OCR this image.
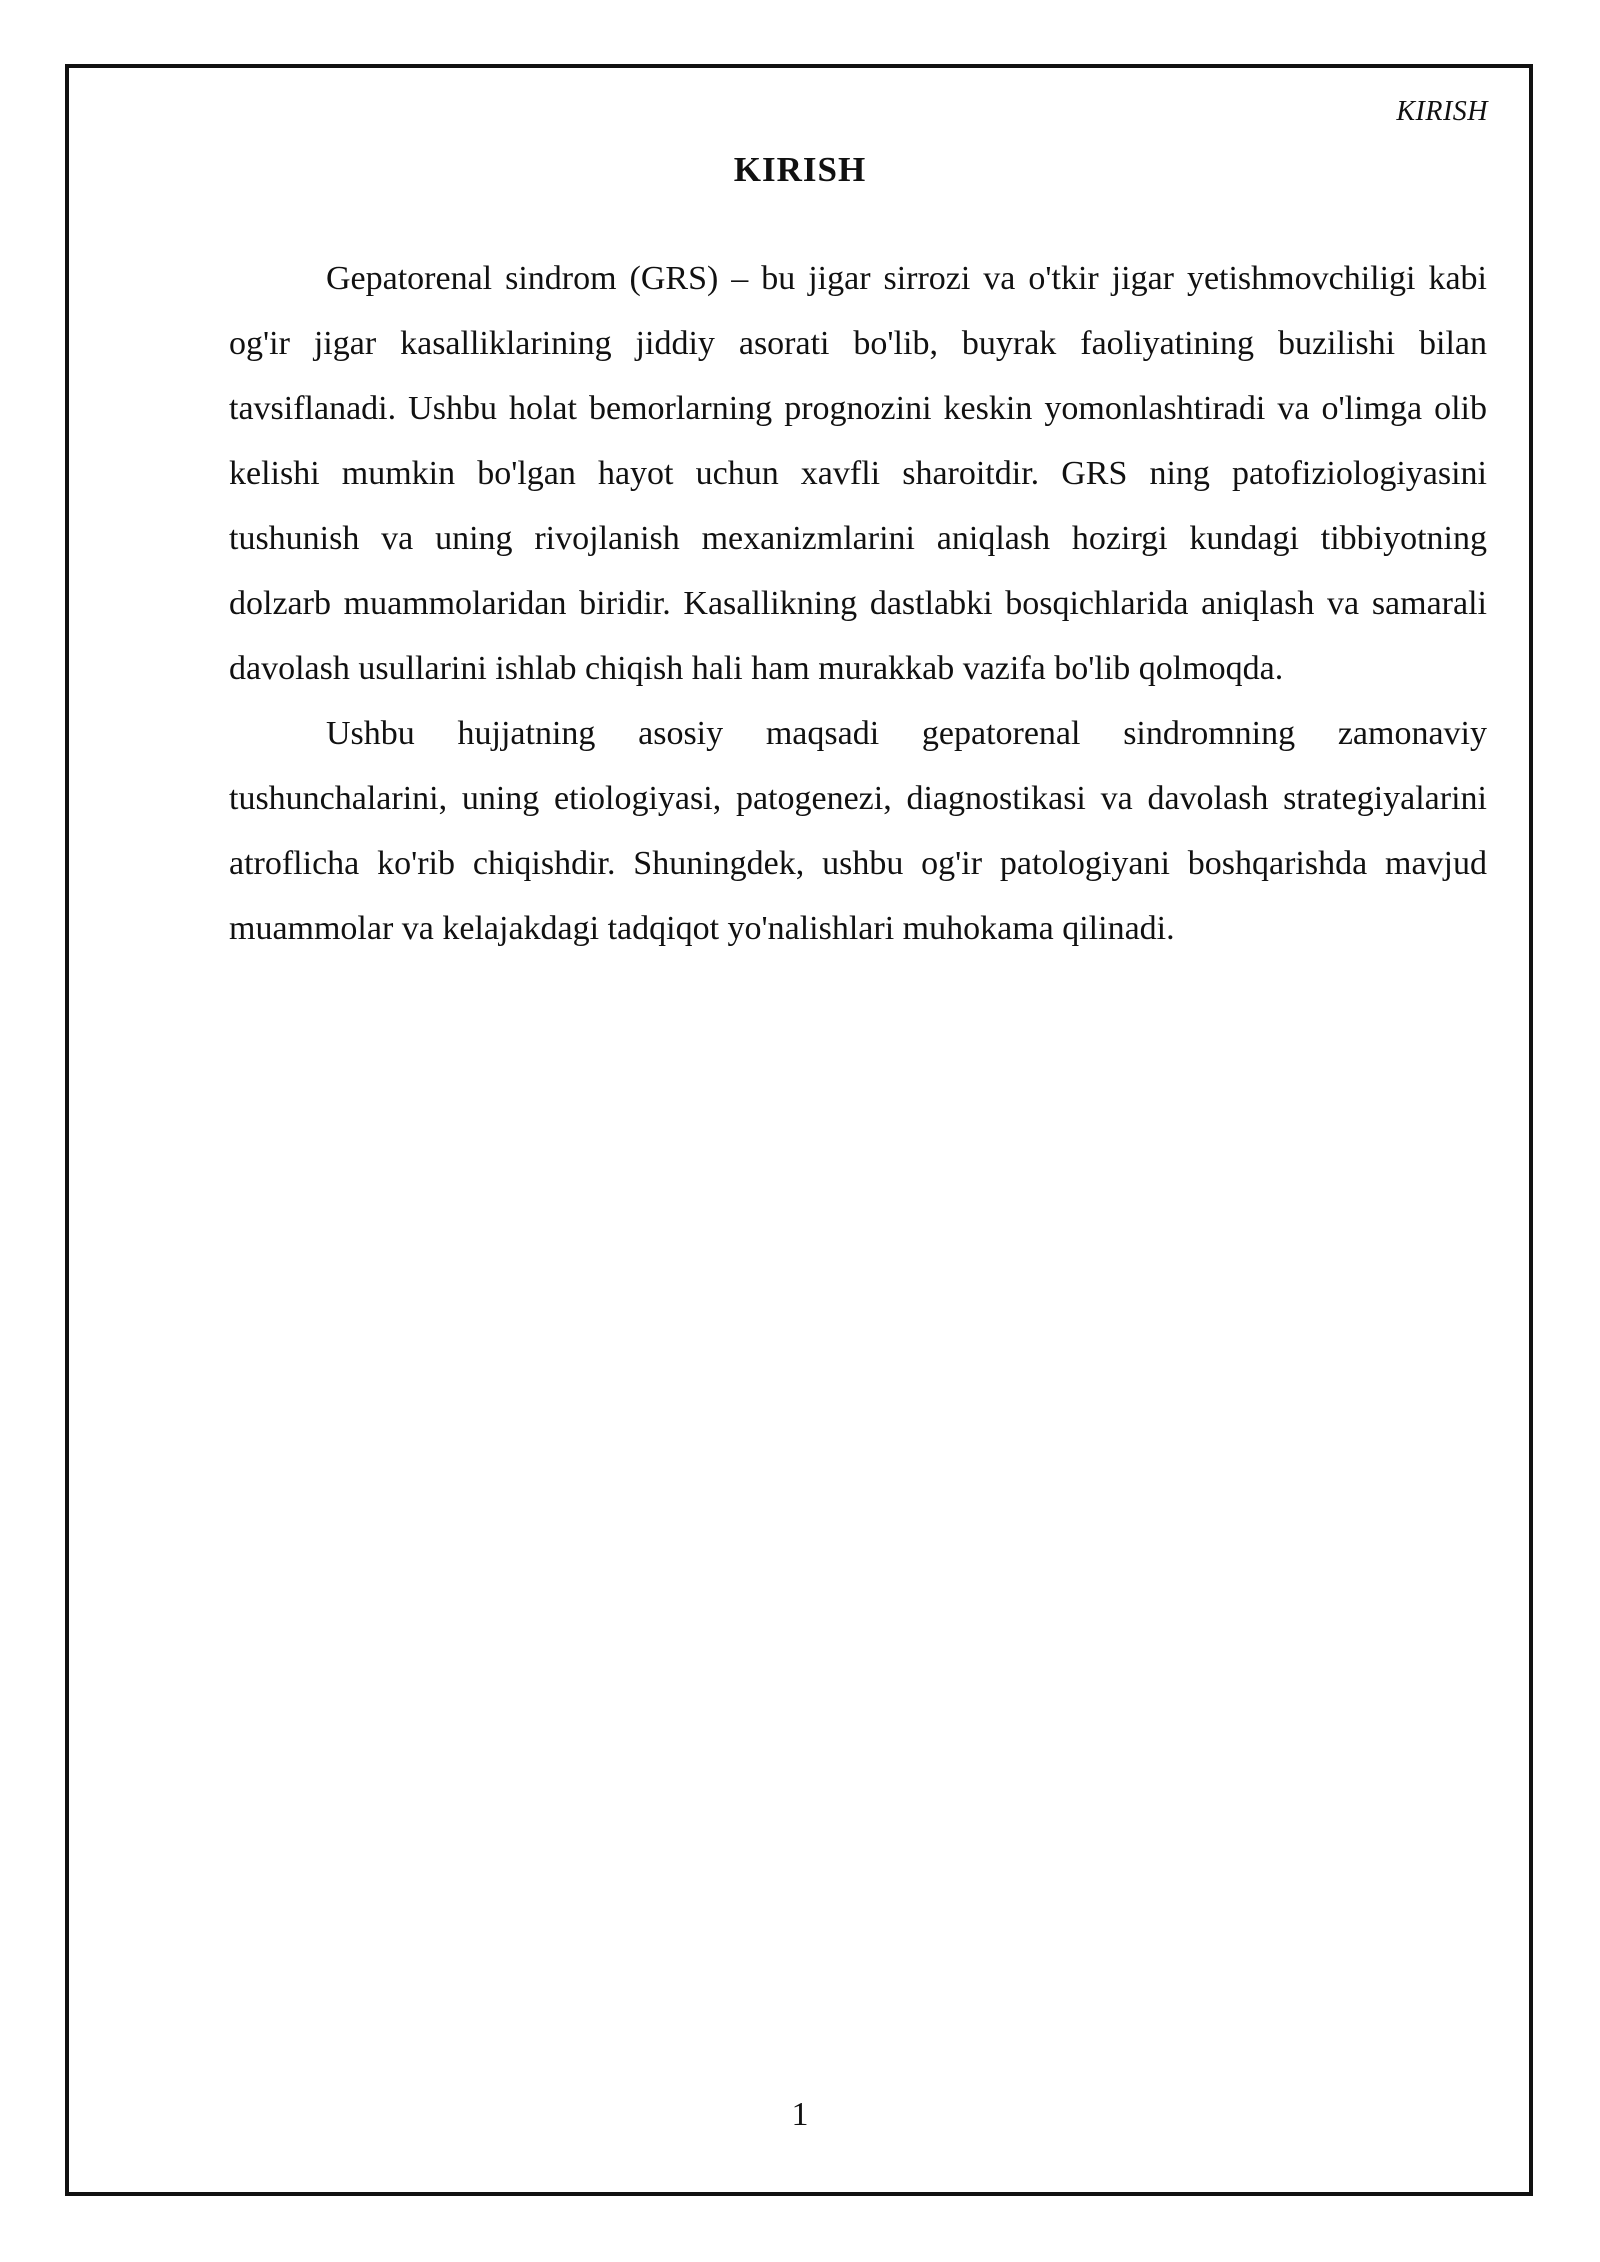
KIRISH
KIRISH

Gepatorenal sindrom (GRS) – bu jigar sirrozi va o'tkir jigar yetishmovchiligi kabi og'ir jigar kasalliklarining jiddiy asorati bo'lib, buyrak faoliyatining buzilishi bilan tavsiflanadi. Ushbu holat bemorlarning prognozini keskin yomonlashtiradi va o'limga olib kelishi mumkin bo'lgan hayot uchun xavfli sharoitdir. GRS ning patofiziologiyasini tushunish va uning rivojlanish mexanizmlarini aniqlash hozirgi kundagi tibbiyotning dolzarb muammolaridan biridir. Kasallikning dastlabki bosqichlarida aniqlash va samarali davolash usullarini ishlab chiqish hali ham murakkab vazifa bo'lib qolmoqda.

Ushbu hujjatning asosiy maqsadi gepatorenal sindromning zamonaviy tushunchalarini, uning etiologiyasi, patogenezi, diagnostikasi va davolash strategiyalarini atroflicha ko'rib chiqishdir. Shuningdek, ushbu og'ir patologiyani boshqarishda mavjud muammolar va kelajakdagi tadqiqot yo'nalishlari muhokama qilinadi.

1
